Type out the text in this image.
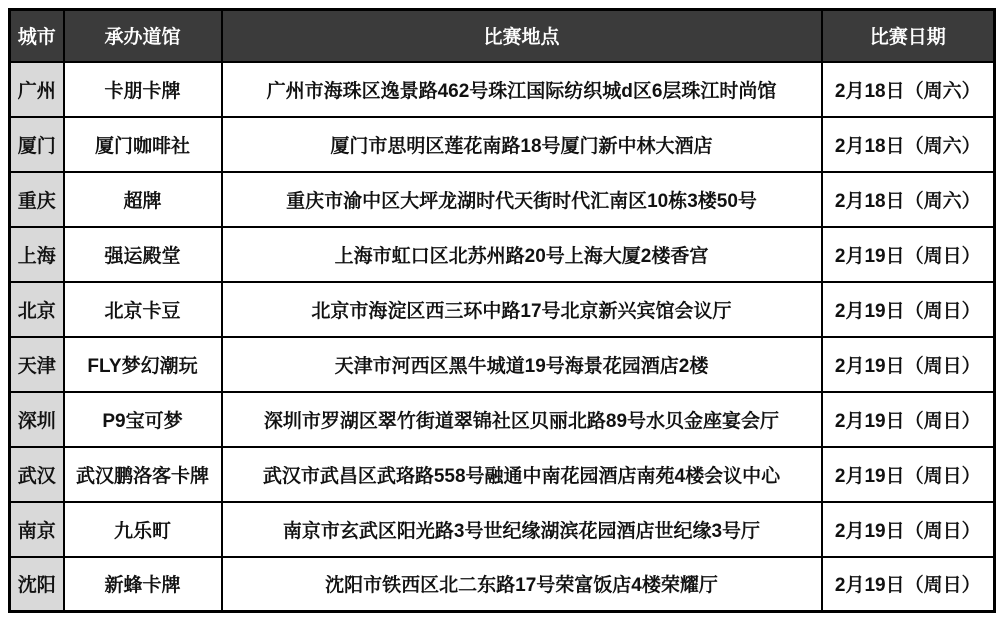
城市	承办道馆	比赛地点	比赛日期
广州	卡朋卡牌	广州市海珠区逸景路462号珠江国际纺织城d区6层珠江时尚馆	2月18日（周六）
厦门	厦门咖啡社	厦门市思明区莲花南路18号厦门新中林大酒店	2月18日（周六）
重庆	超牌	重庆市渝中区大坪龙湖时代天街时代汇南区10栋3楼50号	2月18日（周六）
上海	强运殿堂	上海市虹口区北苏州路20号上海大厦2楼香宫	2月19日（周日）
北京	北京卡豆	北京市海淀区西三环中路17号北京新兴宾馆会议厅	2月19日（周日）
天津	FLY梦幻潮玩	天津市河西区黑牛城道19号海景花园酒店2楼	2月19日（周日）
深圳	P9宝可梦	深圳市罗湖区翠竹街道翠锦社区贝丽北路89号水贝金座宴会厅	2月19日（周日）
武汉	武汉鹏洛客卡牌	武汉市武昌区武珞路558号融通中南花园酒店南苑4楼会议中心	2月19日（周日）
南京	九乐町	南京市玄武区阳光路3号世纪缘湖滨花园酒店世纪缘3号厅	2月19日（周日）
沈阳	新蜂卡牌	沈阳市铁西区北二东路17号荣富饭店4楼荣耀厅	2月19日（周日）
